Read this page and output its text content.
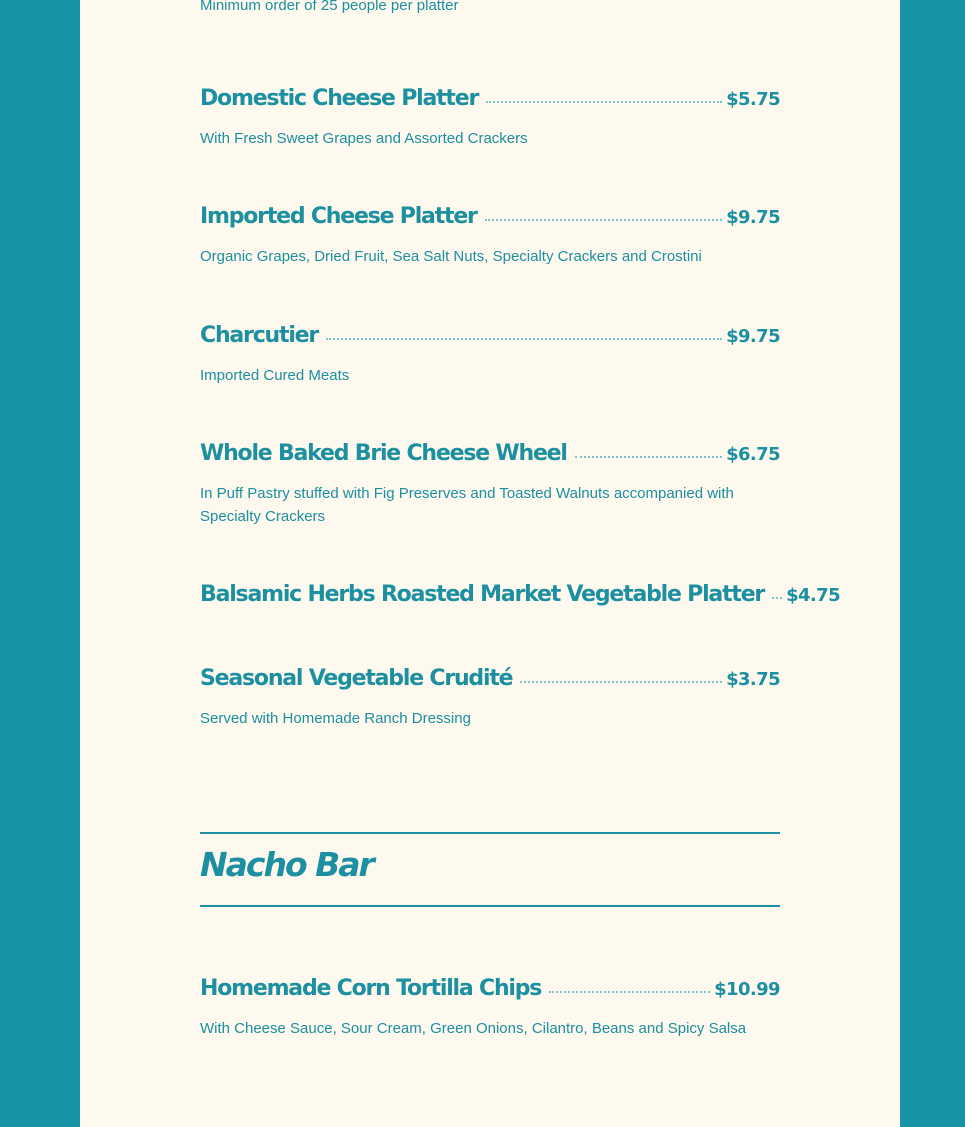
Minimum order of 25 people per platter
Domestic Cheese Platter	$5.75
With Fresh Sweet Grapes and Assorted Crackers
Imported Cheese Platter	$9.75
Organic Grapes, Dried Fruit, Sea Salt Nuts, Specialty Crackers and Crostini
Charcutier	$9.75
Imported Cured Meats
Whole Baked Brie Cheese Wheel	$6.75
In Puff Pastry stuffed with Fig Preserves and Toasted Walnuts accompanied with Specialty Crackers
Balsamic Herbs Roasted Market Vegetable Platter $4.75
Seasonal Vegetable Crudité	$3.75
Served with Homemade Ranch Dressing
Nacho Bar
Homemade Corn Tortilla Chips	$10.99
With Cheese Sauce, Sour Cream, Green Onions, Cilantro, Beans and Spicy Salsa
